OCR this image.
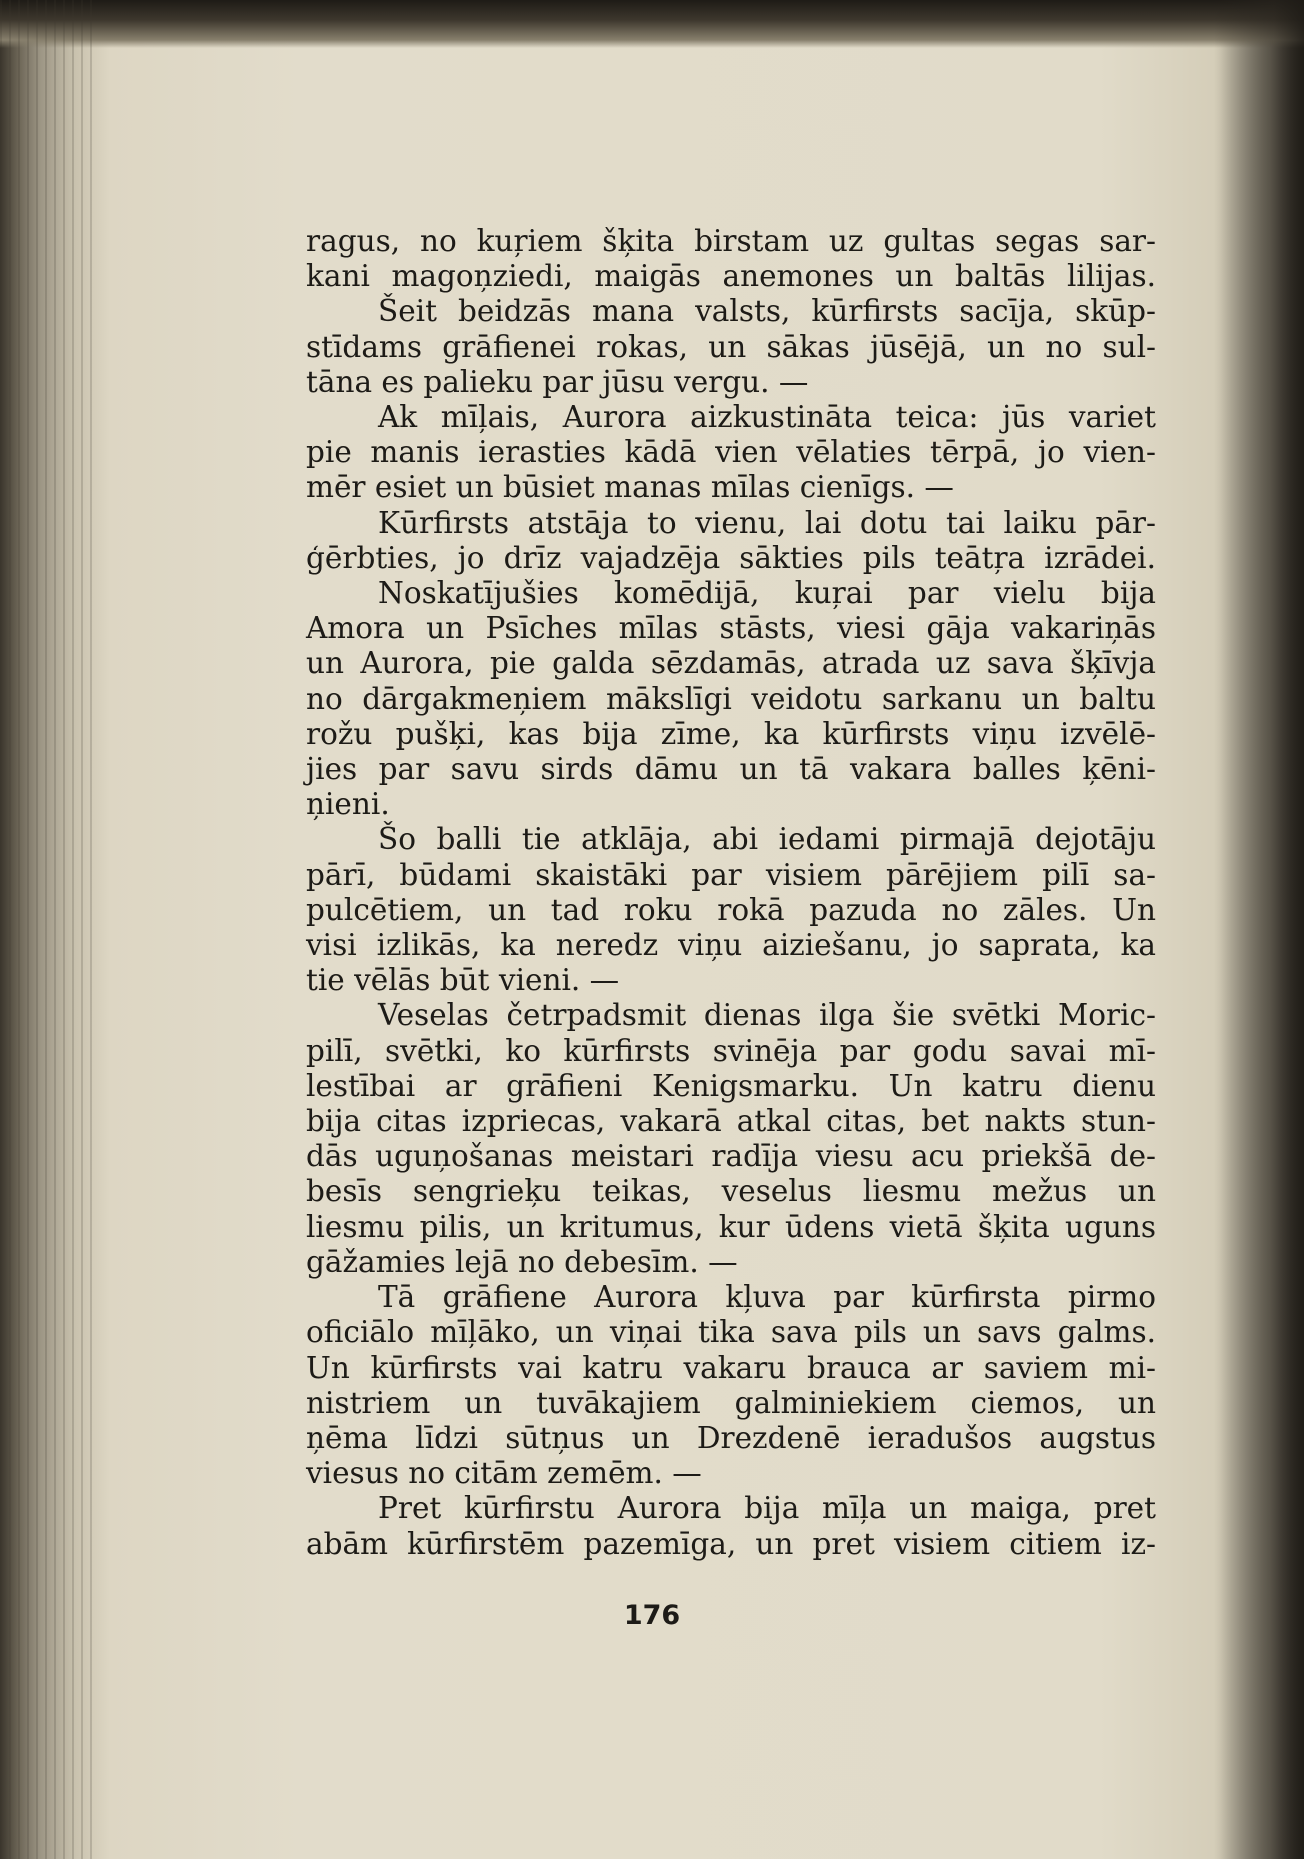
ragus, no kuŗiem šķita birstam uz gultas segas sar-
kani magoņziedi, maigās anemones un baltās lilijas.
Šeit beidzās mana valsts, kūrfirsts sacīja, skūp-
stīdams grāfienei rokas, un sākas jūsējā, un no sul-
tāna es palieku par jūsu vergu. —
Ak mīļais, Aurora aizkustināta teica: jūs variet
pie manis ierasties kādā vien vēlaties tērpā, jo vien-
mēr esiet un būsiet manas mīlas cienīgs. —
Kūrfirsts atstāja to vienu, lai dotu tai laiku pār-
ģērbties, jo drīz vajadzēja sākties pils teātŗa izrādei.
Noskatījušies komēdijā, kuŗai par vielu bija
Amora un Psīches mīlas stāsts, viesi gāja vakariņās
un Aurora, pie galda sēzdamās, atrada uz sava šķīvja
no dārgakmeņiem mākslīgi veidotu sarkanu un baltu
rožu pušķi, kas bija zīme, ka kūrfirsts viņu izvēlē-
jies par savu sirds dāmu un tā vakara balles ķēni-
ņieni.
Šo balli tie atklāja, abi iedami pirmajā dejotāju
pārī, būdami skaistāki par visiem pārējiem pilī sa-
pulcētiem, un tad roku rokā pazuda no zāles. Un
visi izlikās, ka neredz viņu aiziešanu, jo saprata, ka
tie vēlās būt vieni. —
Veselas četrpadsmit dienas ilga šie svētki Moric-
pilī, svētki, ko kūrfirsts svinēja par godu savai mī-
lestībai ar grāfieni Kenigsmarku. Un katru dienu
bija citas izpriecas, vakarā atkal citas, bet nakts stun-
dās uguņošanas meistari radīja viesu acu priekšā de-
besīs sengrieķu teikas, veselus liesmu mežus un
liesmu pilis, un kritumus, kur ūdens vietā šķita uguns
gāžamies lejā no debesīm. —
Tā grāfiene Aurora kļuva par kūrfirsta pirmo
oficiālo mīļāko, un viņai tika sava pils un savs galms.
Un kūrfirsts vai katru vakaru brauca ar saviem mi-
nistriem un tuvākajiem galminiekiem ciemos, un
ņēma līdzi sūtņus un Drezdenē ieradušos augstus
viesus no citām zemēm. —
Pret kūrfirstu Aurora bija mīļa un maiga, pret
abām kūrfirstēm pazemīga, un pret visiem citiem iz-
176
